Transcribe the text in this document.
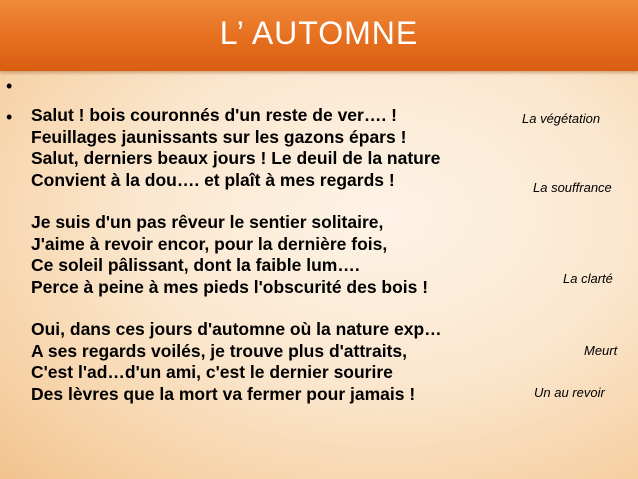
L’ AUTOMNE
•
• Salut ! bois couronnés d'un reste de ver…. !
Feuillages jaunissants sur les gazons épars !
Salut, derniers beaux jours ! Le deuil de la nature
Convient à la dou…. et plaît à mes regards !
Je suis d'un pas rêveur le sentier solitaire,
J'aime à revoir encor, pour la dernière fois,
Ce soleil pâlissant, dont la faible lum….
Perce à peine à mes pieds l'obscurité des bois !
Oui, dans ces jours d'automne où la nature exp…
A ses regards voilés, je trouve plus d'attraits,
C'est l'ad…d'un ami, c'est le dernier sourire
Des lèvres que la mort va fermer pour jamais !
La végétation
La souffrance
La clarté
Meurt
Un au revoir
